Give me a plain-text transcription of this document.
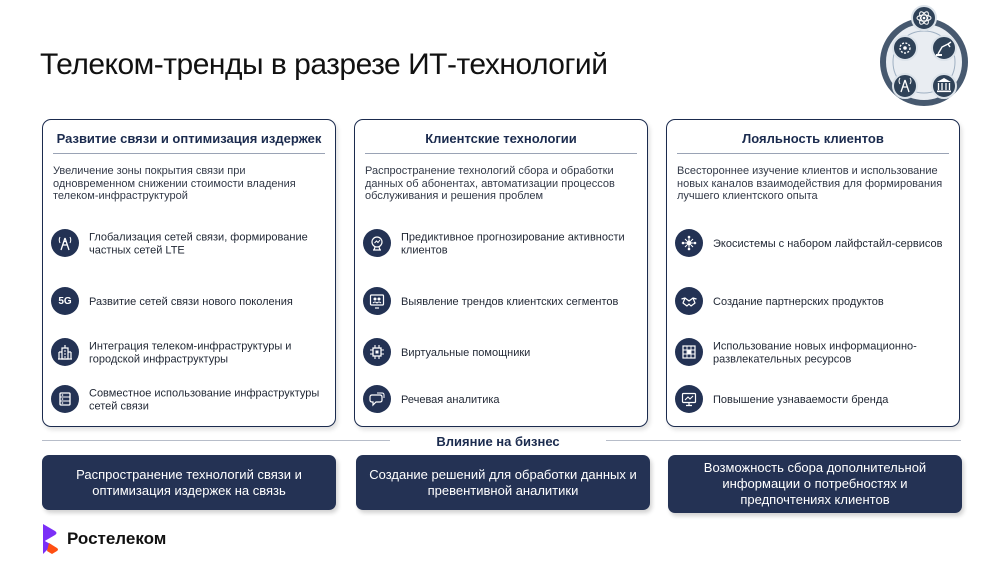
Телеком-тренды в разрезе ИТ-технологий
Развитие связи и оптимизация издержек
Увеличение зоны покрытия связи при одновременном снижении стоимости владения телеком-инфраструктурой
Глобализация сетей связи, формирование частных сетей LTE
5G Развитие сетей связи нового поколения
Интеграция телеком-инфраструктуры и городской инфраструктуры
Совместное использование инфраструктуры сетей связи
Клиентские технологии
Распространение технологий сбора и обработки данных об абонентах, автоматизации процессов обслуживания и решения проблем
Предиктивное прогнозирование активности клиентов
Выявление трендов клиентских сегментов
Виртуальные помощники
Речевая аналитика
Лояльность клиентов
Всестороннее изучение клиентов и использование новых каналов взаимодействия для формирования лучшего клиентского опыта
Экосистемы с набором лайфстайл-сервисов
Создание партнерских продуктов
Использование новых информационно-развлекательных ресурсов
Повышение узнаваемости бренда
Влияние на бизнес
Распространение технологий связи и оптимизация издержек на связь
Создание решений для обработки данных и превентивной аналитики
Возможность сбора дополнительной информации о потребностях и предпочтениях клиентов
Ростелеком
